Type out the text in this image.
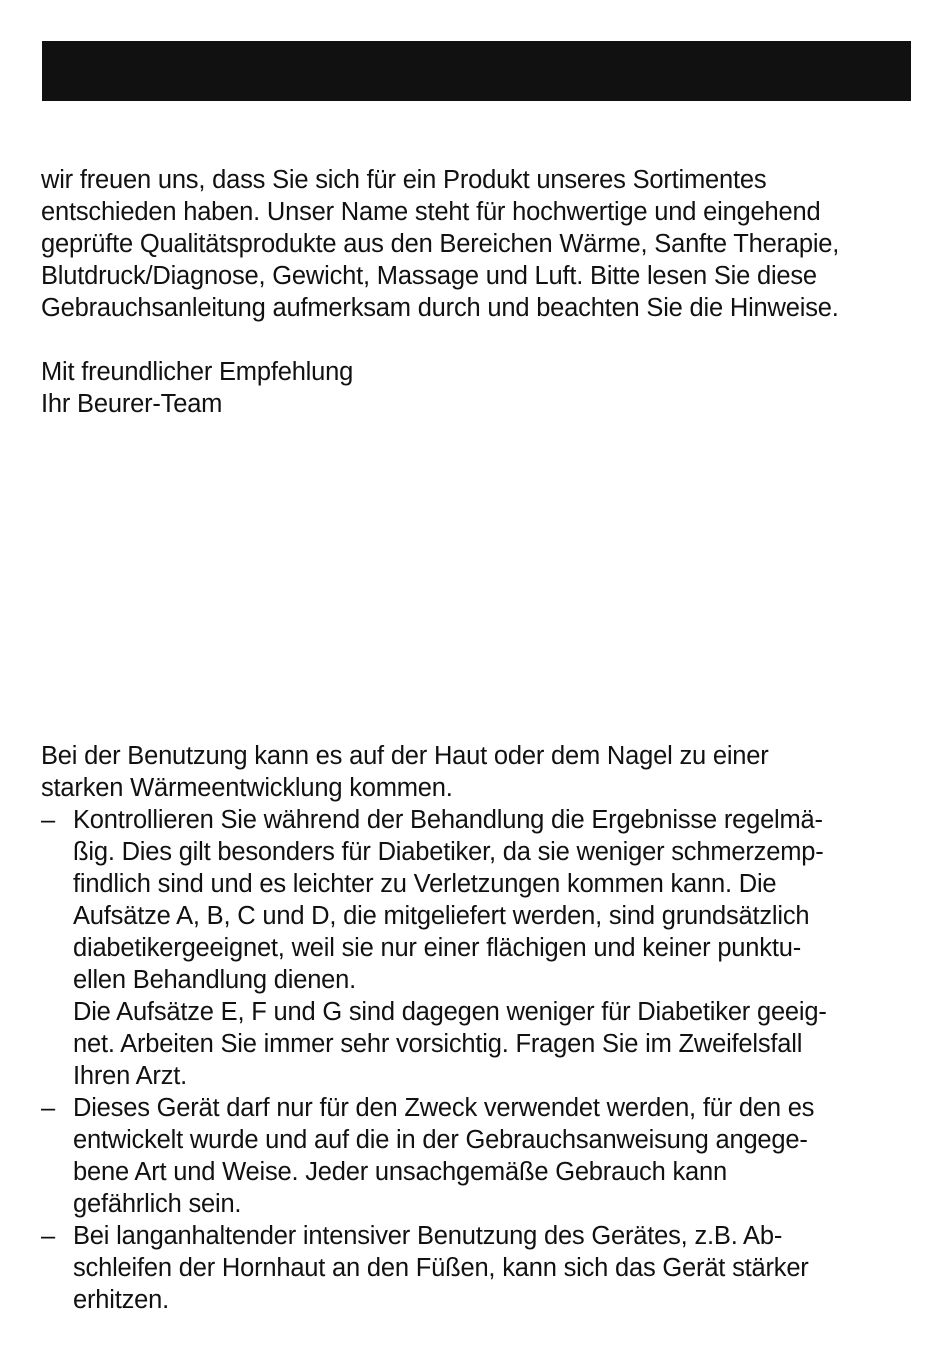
wir freuen uns, dass Sie sich für ein Produkt unseres Sortimentes
entschieden haben. Unser Name steht für hochwertige und eingehend
geprüfte Qualitätsprodukte aus den Bereichen Wärme, Sanfte Therapie,
Blutdruck/Diagnose, Gewicht, Massage und Luft. Bitte lesen Sie diese
Gebrauchsanleitung aufmerksam durch und beachten Sie die Hinweise.
Mit freundlicher Empfehlung
Ihr Beurer-Team
Bei der Benutzung kann es auf der Haut oder dem Nagel zu einer
starken Wärmeentwicklung kommen.
– Kontrollieren Sie während der Behandlung die Ergebnisse regelmä-
ßig. Dies gilt besonders für Diabetiker, da sie weniger schmerzemp-
findlich sind und es leichter zu Verletzungen kommen kann. Die
Aufsätze A, B, C und D, die mitgeliefert werden, sind grundsätzlich
diabetikergeeignet, weil sie nur einer flächigen und keiner punktu-
ellen Behandlung dienen.
Die Aufsätze E, F und G sind dagegen weniger für Diabetiker geeig-
net. Arbeiten Sie immer sehr vorsichtig. Fragen Sie im Zweifelsfall
Ihren Arzt.
– Dieses Gerät darf nur für den Zweck verwendet werden, für den es
entwickelt wurde und auf die in der Gebrauchsanweisung angege-
bene Art und Weise. Jeder unsachgemäße Gebrauch kann
gefährlich sein.
– Bei langanhaltender intensiver Benutzung des Gerätes, z.B. Ab-
schleifen der Hornhaut an den Füßen, kann sich das Gerät stärker
erhitzen.
